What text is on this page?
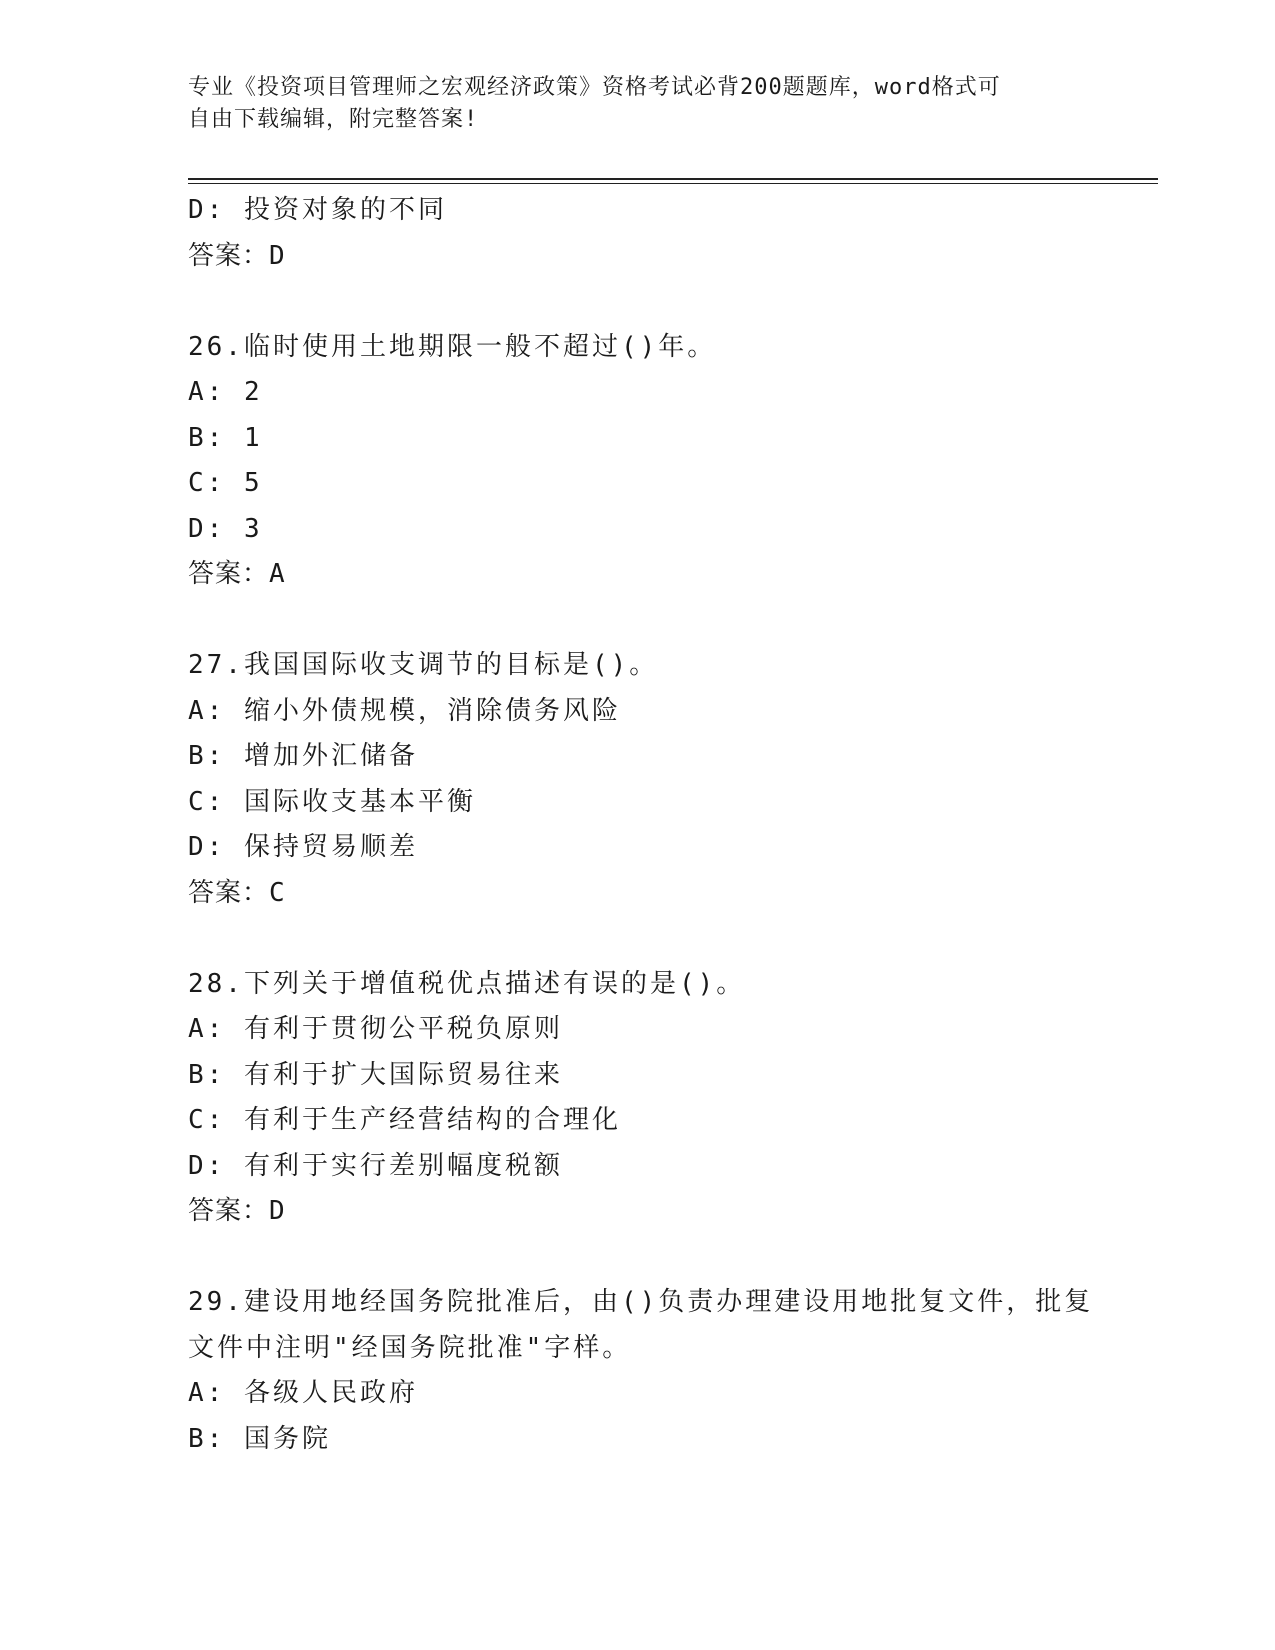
专业《投资项目管理师之宏观经济政策》资格考试必背200题题库，word格式可
自由下载编辑，附完整答案!
D: 投资对象的不同
答案：D
26.临时使用土地期限一般不超过()年。
A: 2
B: 1
C: 5
D: 3
答案：A
27.我国国际收支调节的目标是()。
A: 缩小外债规模，消除债务风险
B: 增加外汇储备
C: 国际收支基本平衡
D: 保持贸易顺差
答案：C
28.下列关于增值税优点描述有误的是()。
A: 有利于贯彻公平税负原则
B: 有利于扩大国际贸易往来
C: 有利于生产经营结构的合理化
D: 有利于实行差别幅度税额
答案：D
29.建设用地经国务院批准后，由()负责办理建设用地批复文件，批复
文件中注明"经国务院批准"字样。
A: 各级人民政府
B: 国务院
